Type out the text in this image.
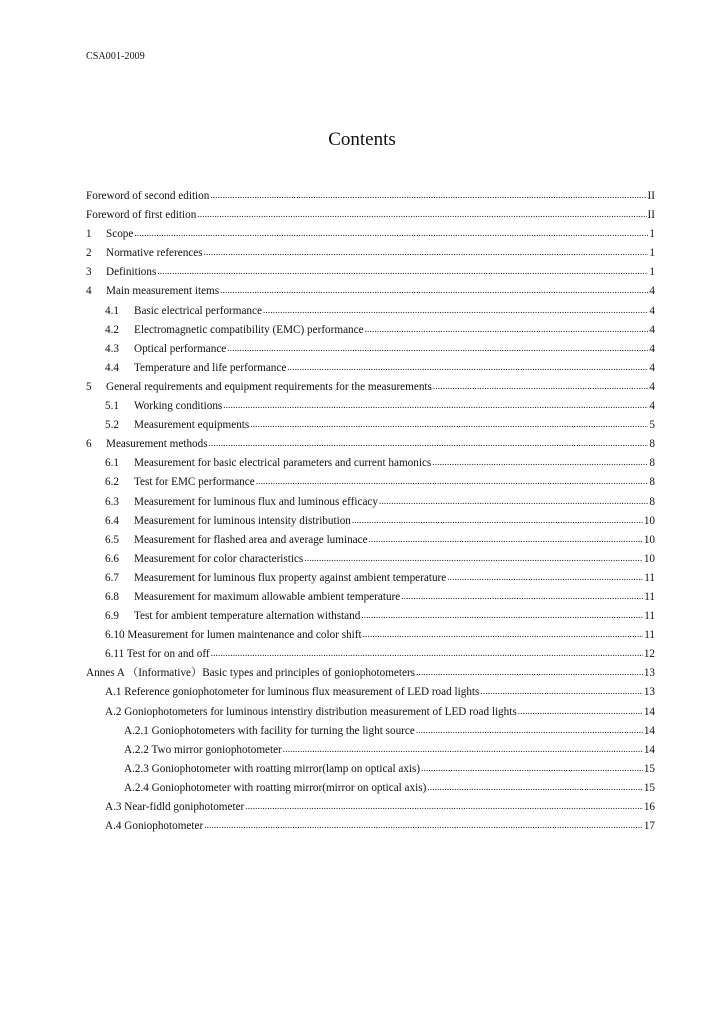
CSA001-2009
Contents
Foreword of second edition .....	II
Foreword of first edition .....	II
1	Scope .....	1
2	Normative references .....	1
3	Definitions .....	1
4	Main measurement items .....	4
4.1	Basic electrical performance .....	4
4.2	Electromagnetic compatibility (EMC) performance .....	4
4.3	Optical performance .....	4
4.4	Temperature and life performance .....	4
5	General requirements and equipment requirements for the measurements .....	4
5.1	Working conditions .....	4
5.2	Measurement equipments .....	5
6	Measurement methods .....	8
6.1	Measurement for basic electrical parameters and current hamonics .....	8
6.2	Test for EMC performance .....	8
6.3	Measurement for luminous flux and luminous efficacy .....	8
6.4	Measurement for luminous intensity distribution .....	10
6.5	Measurement for flashed area and average luminace .....	10
6.6	Measurement for color characteristics .....	10
6.7	Measurement for luminous flux property against ambient temperature .....	11
6.8	Measurement for maximum allowable ambient temperature .....	11
6.9	Test for ambient temperature alternation withstand .....	11
6.10 Measurement for lumen maintenance and color shift .....	11
6.11 Test for on and off .....	12
Annes A （Informative）Basic types and principles of goniophotometers .....	13
A.1 Reference goniophotometer for luminous flux measurement of LED road lights .....	13
A.2 Goniophotometers for luminous intenstiry distribution measurement of LED road lights .....	14
A.2.1 Goniophotometers with facility for turning the light source .....	14
A.2.2 Two mirror goniophotometer .....	14
A.2.3 Goniophotometer with roatting mirror(lamp on optical axis) .....	15
A.2.4 Goniophotometer with roatting mirror(mirror on optical axis) .....	15
A.3 Near-fidld goniphotometer .....	16
A.4 Goniophotometer .....	17
